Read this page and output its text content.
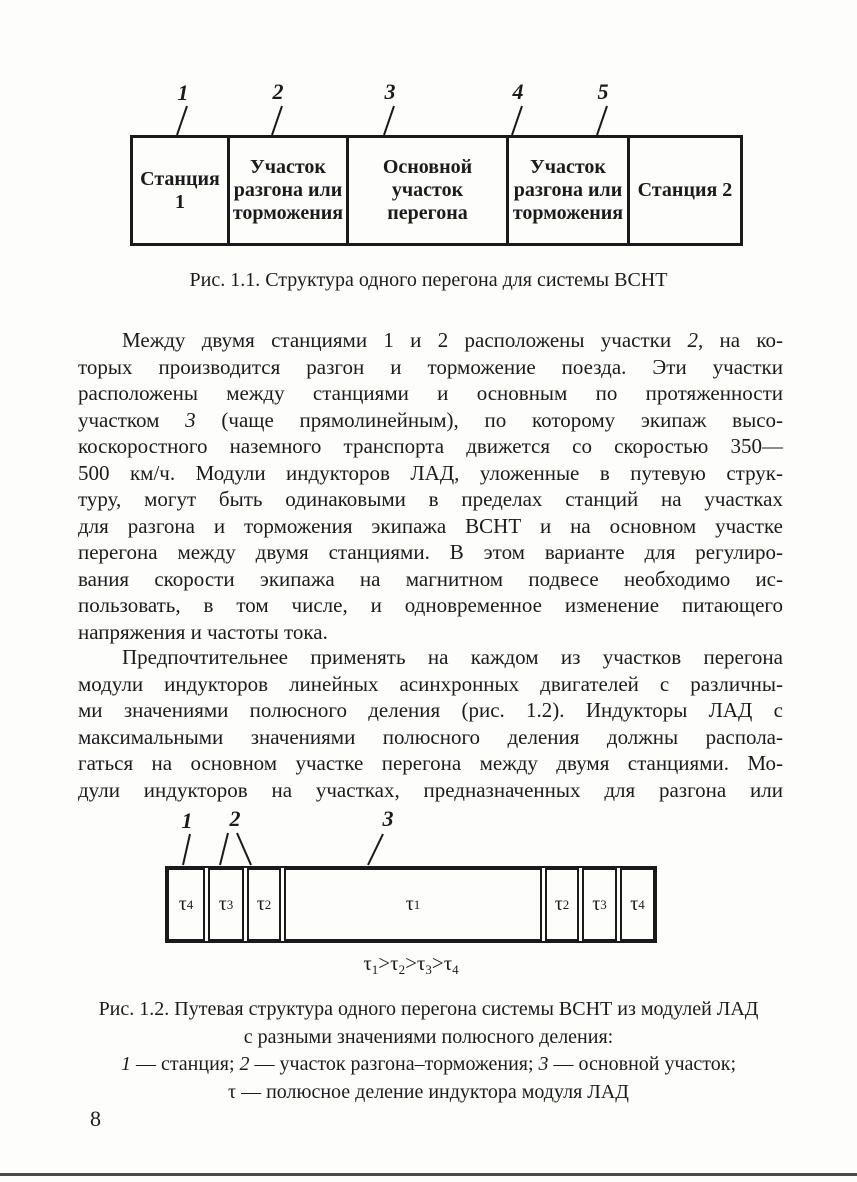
1	2	3	4	5
Станция 1
Участок разгона или торможения
Основной участок перегона
Участок разгона или торможения
Станция 2
Рис. 1.1. Структура одного перегона для системы ВСНТ
Между двумя станциями 1 и 2 расположены участки 2, на ко-
торых производится разгон и торможение поезда. Эти участки
расположены между станциями и основным по протяженности
участком 3 (чаще прямолинейным), по которому экипаж высо-
коскоростного наземного транспорта движется со скоростью 350—
500 км/ч. Модули индукторов ЛАД, уложенные в путевую струк-
туру, могут быть одинаковыми в пределах станций на участках
для разгона и торможения экипажа ВСНТ и на основном участке
перегона между двумя станциями. В этом варианте для регулиро-
вания скорости экипажа на магнитном подвесе необходимо ис-
пользовать, в том числе, и одновременное изменение питающего
напряжения и частоты тока.
Предпочтительнее применять на каждом из участков перегона
модули индукторов линейных асинхронных двигателей с различны-
ми значениями полюсного деления (рис. 1.2). Индукторы ЛАД с
максимальными значениями полюсного деления должны распола-
гаться на основном участке перегона между двумя станциями. Мо-
дули индукторов на участках, предназначенных для разгона или
1 2	3
τ 4 τ 3 τ 2	τ 1	τ 2 τ 3 τ 4
$\tau_1>\tau_2>\tau_3>\tau_4$
Рис. 1.2. Путевая структура одного перегона системы ВСНТ из модулей ЛАД
с разными значениями полюсного деления:
1 — станция; 2 — участок разгона–торможения; 3 — основной участок;
τ — полюсное деление индуктора модуля ЛАД
8
